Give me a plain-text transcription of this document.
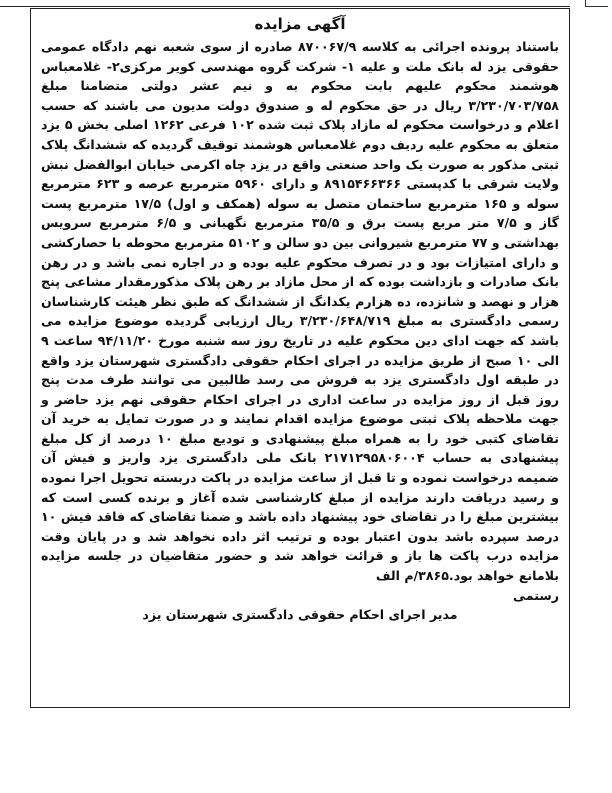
آگهی مزایده

باستناد پرونده اجرائی به کلاسه ۸۷۰۰۶۷/۹ صادره از سوی شعبه نهم دادگاه عمومی حقوقی یزد له بانک ملت و علیه ۱- شرکت گروه مهندسی کویر مرکزی۲- غلامعباس هوشمند محکوم علیهم بابت محکوم به و نیم عشر دولتی متضامنا مبلغ ۳/۲۳۰/۷۰۳/۷۵۸ ریال در حق محکوم له و صندوق دولت مدیون می باشند که حسب اعلام و درخواست محکوم له مازاد پلاک ثبت شده ۱۰۲ فرعی ۱۲۶۲ اصلی بخش ۵ یزد متعلق به محکوم علیه ردیف دوم غلامعباس هوشمند توقیف گردیده که ششدانگ پلاک ثبتی مذکور به صورت یک واحد صنعتی واقع در یزد چاه اکرمی خیابان ابوالفضل نبش ولایت شرقی با کدپستی ۸۹۱۵۴۶۶۳۶۶ و دارای ۵۹۶۰ مترمربع عرصه و ۶۲۳ مترمربع سوله و ۱۶۵ مترمربع ساختمان متصل به سوله (همکف و اول) ۱۷/۵ مترمربع پست گاز و ۷/۵ متر مربع پست برق و ۳۵/۵ مترمربع نگهبانی و ۶/۵ مترمربع سرویس بهداشتی و ۷۷ مترمربع شیروانی بین دو سالن و ۵۱۰۲ مترمربع محوطه با حصارکشی و دارای امتیازات بود و در تصرف محکوم علیه بوده و در اجاره نمی باشد و در رهن بانک صادرات و بازداشت بوده که از محل مازاد بر رهن پلاک مذکورمقدار مشاعی پنج هزار و نهصد و شانزده، ده هزارم یکدانگ از ششدانگ که طبق نظر هیئت کارشناسان رسمی دادگستری به مبلغ ۳/۲۳۰/۶۴۸/۷۱۹ ریال ارزیابی گردیده موضوع مزایده می باشد که جهت ادای دین محکوم علیه در تاریخ روز سه شنبه مورخ ۹۴/۱۱/۲۰ ساعت ۹ الی ۱۰ صبح از طریق مزایده در اجرای احکام حقوقی دادگستری شهرستان یزد واقع در طبقه اول دادگستری یزد به فروش می رسد طالبین می توانند طرف مدت پنج روز قبل از روز مزایده در ساعت اداری در اجرای احکام حقوقی نهم یزد حاضر و جهت ملاحظه پلاک ثبتی موضوع مزایده اقدام نمایند و در صورت تمایل به خرید آن تقاضای کتبی خود را به همراه مبلغ پیشنهادی و تودیع مبلغ ۱۰ درصد از کل مبلغ پیشنهادی به حساب ۲۱۷۱۲۹۵۸۰۶۰۰۴ بانک ملی دادگستری یزد واریز و فیش آن ضمیمه درخواست نموده و تا قبل از ساعت مزایده در پاکت دربسته تحویل اجرا نموده و رسید دریافت دارند مزایده از مبلغ کارشناسی شده آغاز و برنده کسی است که بیشترین مبلغ را در تقاضای خود پیشنهاد داده باشد و ضمنا تقاضای که فاقد فیش ۱۰ درصد سپرده باشد بدون اعتبار بوده و ترتیب اثر داده نخواهد شد و در پایان وقت مزایده درب پاکت ها باز و قرائت خواهد شد و حضور متقاضیان در جلسه مزایده بلامانع خواهد بود.۳۸۶۵/م الف

رستمی
مدیر اجرای احکام حقوقی دادگستری شهرستان یزد
